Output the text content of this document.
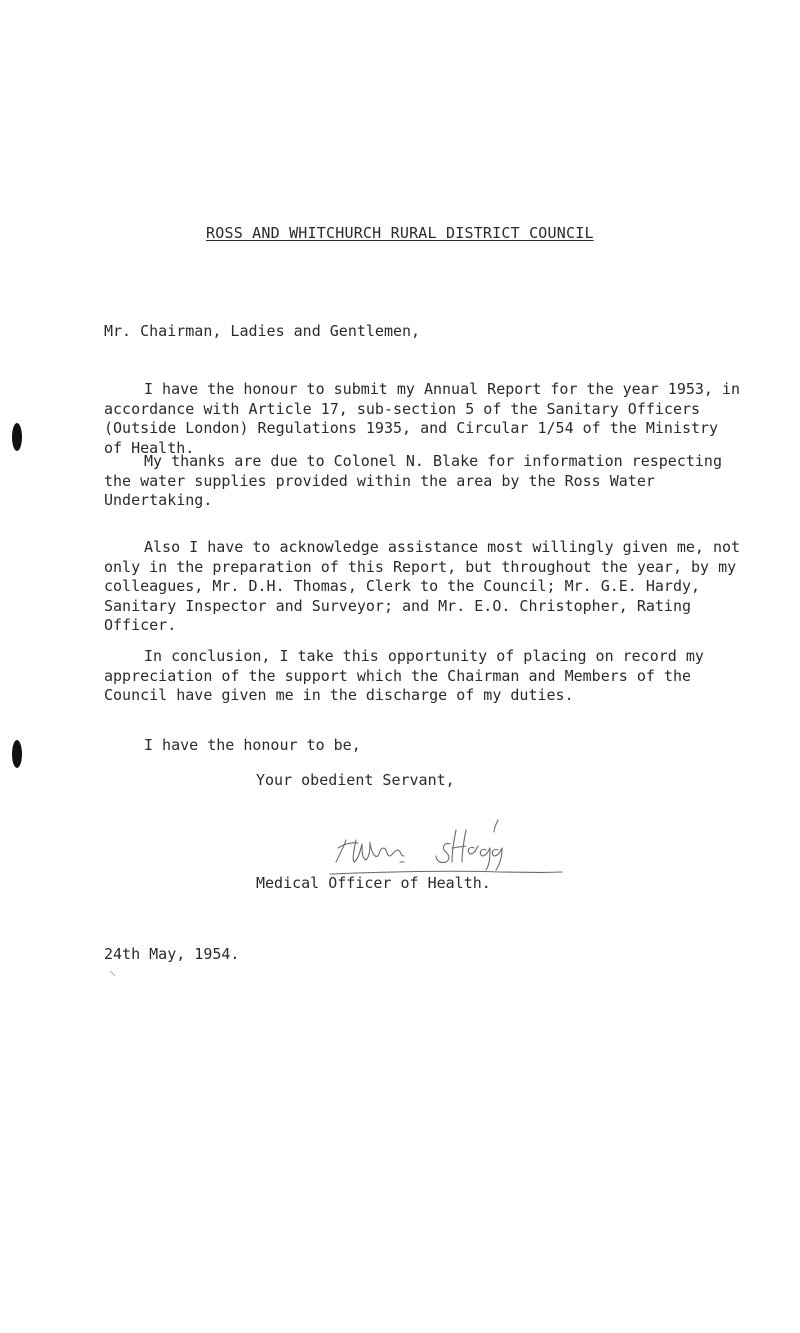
ROSS AND WHITCHURCH RURAL DISTRICT COUNCIL
Mr. Chairman, Ladies and Gentlemen,

I have the honour to submit my Annual Report for the year 1953, in accordance with Article 17, sub-section 5 of the Sanitary Officers (Outside London) Regulations 1935, and Circular 1/54 of the Ministry of Health.

My thanks are due to Colonel N. Blake for information respecting the water supplies provided within the area by the Ross Water Undertaking.

Also I have to acknowledge assistance most willingly given me, not only in the preparation of this Report, but throughout the year, by my colleagues, Mr. D.H. Thomas, Clerk to the Council; Mr. G.E. Hardy, Sanitary Inspector and Surveyor; and Mr. E.O. Christopher, Rating Officer.

In conclusion, I take this opportunity of placing on record my appreciation of the support which the Chairman and Members of the Council have given me in the discharge of my duties.

I have the honour to be,
Your obedient Servant,
Medical Officer of Health.
24th May, 1954.
